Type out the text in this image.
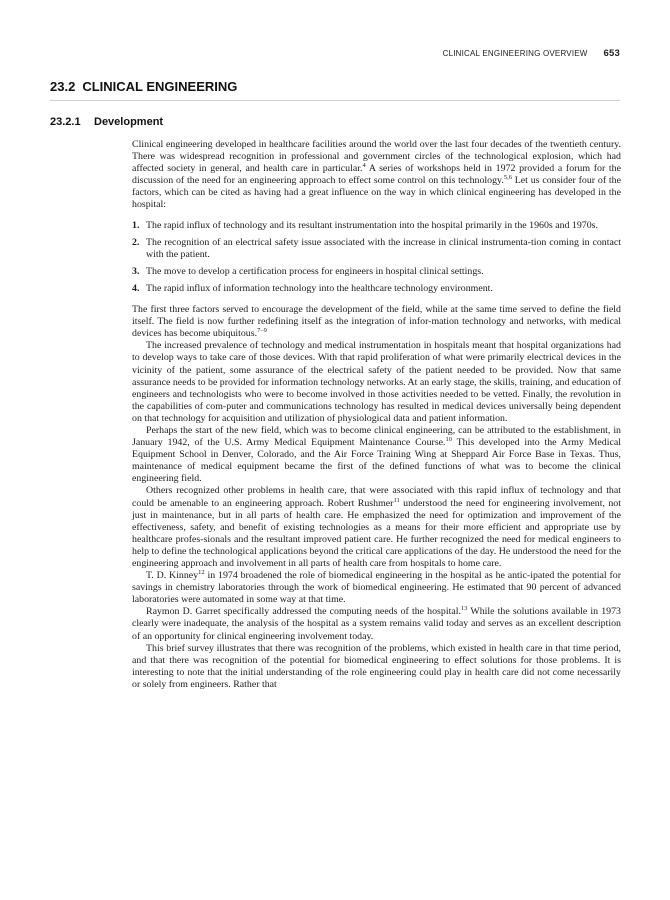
CLINICAL ENGINEERING OVERVIEW 653
23.2 CLINICAL ENGINEERING
23.2.1 Development

Clinical engineering developed in healthcare facilities around the world over the last four decades of the twentieth century. There was widespread recognition in professional and government circles of the technological explosion, which had affected society in general, and health care in particular.$^4$ A series of workshops held in 1972 provided a forum for the discussion of the need for an engineering approach to effect some control on this technology.$^{5,6}$ Let us consider four of the factors, which can be cited as having had a great influence on the way in which clinical engineering has developed in the hospital:

1. The rapid influx of technology and its resultant instrumentation into the hospital primarily in the 1960s and 1970s.
2. The recognition of an electrical safety issue associated with the increase in clinical instrumenta-tion coming in contact with the patient.
3. The move to develop a certification process for engineers in hospital clinical settings.
4. The rapid influx of information technology into the healthcare technology environment.

The first three factors served to encourage the development of the field, while at the same time served to define the field itself. The field is now further redefining itself as the integration of infor-mation technology and networks, with medical devices has become ubiquitous.$^{7-9}$

The increased prevalence of technology and medical instrumentation in hospitals meant that hospital organizations had to develop ways to take care of those devices. With that rapid proliferation of what were primarily electrical devices in the vicinity of the patient, some assurance of the electrical safety of the patient needed to be provided. Now that same assurance needs to be provided for information technology networks. At an early stage, the skills, training, and education of engineers and technologists who were to become involved in those activities needed to be vetted. Finally, the revolution in the capabilities of com-puter and communications technology has resulted in medical devices universally being dependent on that technology for acquisition and utilization of physiological data and patient information.

Perhaps the start of the new field, which was to become clinical engineering, can be attributed to the establishment, in January 1942, of the U.S. Army Medical Equipment Maintenance Course.$^{10}$ This developed into the Army Medical Equipment School in Denver, Colorado, and the Air Force Training Wing at Sheppard Air Force Base in Texas. Thus, maintenance of medical equipment became the first of the defined functions of what was to become the clinical engineering field.

Others recognized other problems in health care, that were associated with this rapid influx of technology and that could be amenable to an engineering approach. Robert Rushmer$^{11}$ understood the need for engineering involvement, not just in maintenance, but in all parts of health care. He emphasized the need for optimization and improvement of the effectiveness, safety, and benefit of existing technologies as a means for their more efficient and appropriate use by healthcare profes-sionals and the resultant improved patient care. He further recognized the need for medical engineers to help to define the technological applications beyond the critical care applications of the day. He understood the need for the engineering approach and involvement in all parts of health care from hospitals to home care.

T. D. Kinney$^{12}$ in 1974 broadened the role of biomedical engineering in the hospital as he antic-ipated the potential for savings in chemistry laboratories through the work of biomedical engineering. He estimated that 90 percent of advanced laboratories were automated in some way at that time.

Raymon D. Garret specifically addressed the computing needs of the hospital.$^{13}$ While the solutions available in 1973 clearly were inadequate, the analysis of the hospital as a system remains valid today and serves as an excellent description of an opportunity for clinical engineering involvement today.

This brief survey illustrates that there was recognition of the problems, which existed in health care in that time period, and that there was recognition of the potential for biomedical engineering to effect solutions for those problems. It is interesting to note that the initial understanding of the role engineering could play in health care did not come necessarily or solely from engineers. Rather that
